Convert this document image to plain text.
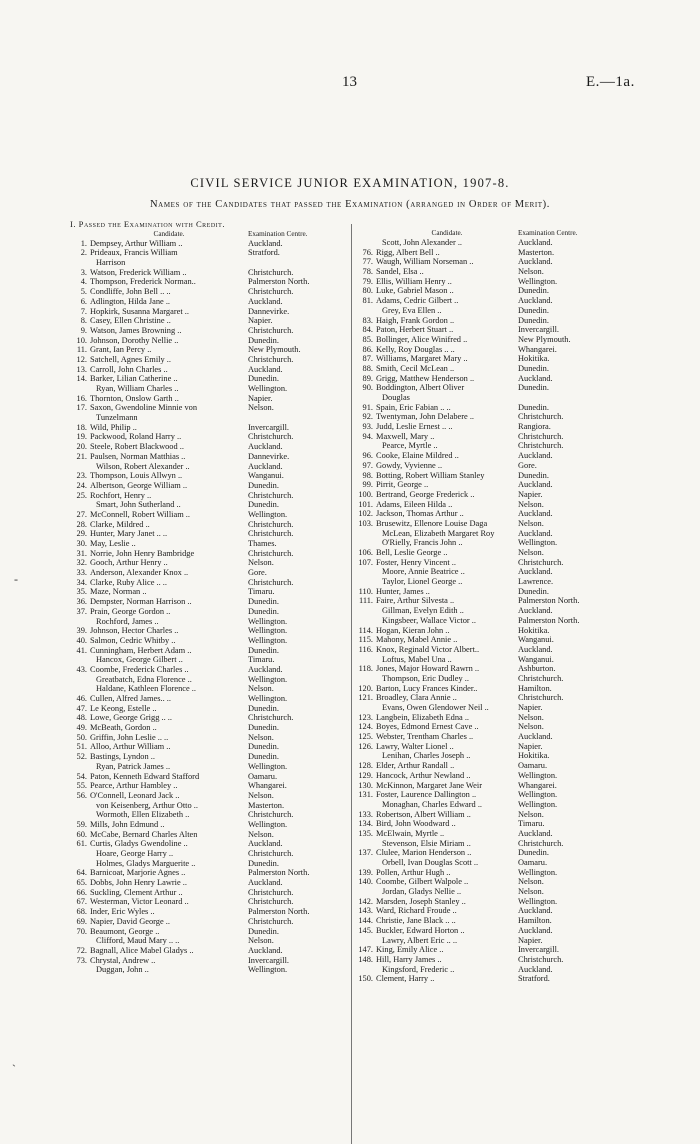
13	E.—1a.
CIVIL SERVICE JUNIOR EXAMINATION, 1907-8.
Names of the Candidates that passed the Examination (arranged in Order of Merit).
I. Passed the Examination with Credit.
Candidate.	Examination Centre.
1. Dempsey, Arthur William ..	Auckland.
2. Prideaux, Francis William	Stratford.
Harrison
3. Watson, Frederick William ..	Christchurch.
4. Thompson, Frederick Norman..	Palmerston North.
5. Condliffe, John Bell .. ..	Christchurch.
6. Adlington, Hilda Jane ..	Auckland.
7. Hopkirk, Susanna Margaret ..	Dannevirke.
8. Casey, Ellen Christine ..	Napier.
9. Watson, James Browning ..	Christchurch.
10. Johnson, Dorothy Nellie ..	Dunedin.
11. Grant, Ian Percy ..	New Plymouth.
12. Satchell, Agnes Emily ..	Christchurch.
13. Carroll, John Charles ..	Auckland.
14. Barker, Lilian Catherine ..	Dunedin.
Ryan, William Charles ..	Wellington.
16. Thornton, Onslow Garth ..	Napier.
17. Saxon, Gwendoline Minnie von	Nelson.
Tunzelmann
18. Wild, Philip ..	Invercargill.
19. Packwood, Roland Harry ..	Christchurch.
20. Steele, Robert Blackwood ..	Auckland.
21. Paulsen, Norman Matthias ..	Dannevirke.
Wilson, Robert Alexander ..	Auckland.
23. Thompson, Louis Allwyn ..	Wanganui.
24. Albertson, George William ..	Dunedin.
25. Rochfort, Henry ..	Christchurch.
Smart, John Sutherland ..	Dunedin.
27. McConnell, Robert William ..	Wellington.
28. Clarke, Mildred ..	Christchurch.
29. Hunter, Mary Janet .. ..	Christchurch.
30. May, Leslie ..	Thames.
31. Norrie, John Henry Bambridge	Christchurch.
32. Gooch, Arthur Henry ..	Nelson.
33. Anderson, Alexander Knox ..	Gore.
34. Clarke, Ruby Alice .. ..	Christchurch.
35. Maze, Norman ..	Timaru.
36. Dempster, Norman Harrison ..	Dunedin.
37. Prain, George Gordon ..	Dunedin.
Rochford, James ..	Wellington.
39. Johnson, Hector Charles ..	Wellington.
40. Salmon, Cedric Whitby ..	Wellington.
41. Cunningham, Herbert Adam ..	Dunedin.
Hancox, George Gilbert ..	Timaru.
43. Coombe, Frederick Charles ..	Auckland.
Greatbatch, Edna Florence ..	Wellington.
Haldane, Kathleen Florence ..	Nelson.
46. Cullen, Alfred James.. ..	Wellington.
47. Le Keong, Estelle ..	Dunedin.
48. Lowe, George Grigg .. ..	Christchurch.
49. McBeath, Gordon ..	Dunedin.
50. Griffin, John Leslie .. ..	Nelson.
51. Alloo, Arthur William ..	Dunedin.
52. Bastings, Lyndon ..	Dunedin.
Ryan, Patrick James ..	Wellington.
54. Paton, Kenneth Edward Stafford	Oamaru.
55. Pearce, Arthur Hambley ..	Whangarei.
56. O'Connell, Leonard Jack ..	Nelson.
von Keisenberg, Arthur Otto ..	Masterton.
Wormoth, Ellen Elizabeth ..	Christchurch.
59. Mills, John Edmund ..	Wellington.
60. McCabe, Bernard Charles Alten	Nelson.
61. Curtis, Gladys Gwendoline ..	Auckland.
Hoare, George Harry ..	Christchurch.
Holmes, Gladys Marguerite ..	Dunedin.
64. Barnicoat, Marjorie Agnes ..	Palmerston North.
65. Dobbs, John Henry Lawrie ..	Auckland.
66. Suckling, Clement Arthur ..	Christchurch.
67. Westerman, Victor Leonard ..	Christchurch.
68. Inder, Eric Wyles ..	Palmerston North.
69. Napier, David George ..	Christchurch.
70. Beaumont, George ..	Dunedin.
Clifford, Maud Mary .. ..	Nelson.
72. Bagnall, Alice Mabel Gladys ..	Auckland.
73. Chrystal, Andrew ..	Invercargill.
Duggan, John ..	Wellington.
Candidate.	Examination Centre.
Scott, John Alexander ..	Auckland.
76. Rigg, Albert Bell ..	Masterton.
77. Waugh, William Norseman ..	Auckland.
78. Sandel, Elsa ..	Nelson.
79. Ellis, William Henry ..	Wellington.
80. Luke, Gabriel Mason ..	Dunedin.
81. Adams, Cedric Gilbert ..	Auckland.
Grey, Eva Ellen ..	Dunedin.
83. Haigh, Frank Gordon ..	Dunedin.
84. Paton, Herbert Stuart ..	Invercargill.
85. Bollinger, Alice Winifred ..	New Plymouth.
86. Kelly, Roy Douglas .. ..	Whangarei.
87. Williams, Margaret Mary ..	Hokitika.
88. Smith, Cecil McLean ..	Dunedin.
89. Grigg, Matthew Henderson ..	Auckland.
90. Boddington, Albert Oliver	Dunedin.
Douglas
91. Spain, Eric Fabian .. ..	Dunedin.
92. Twentyman, John Delabere ..	Christchurch.
93. Judd, Leslie Ernest .. ..	Rangiora.
94. Maxwell, Mary ..	Christchurch.
Pearce, Myrtle ..	Christchurch.
96. Cooke, Elaine Mildred ..	Auckland.
97. Gowdy, Vyvienne ..	Gore.
98. Botting, Robert William Stanley	Dunedin.
99. Pirrit, George ..	Auckland.
100. Bertrand, George Frederick ..	Napier.
101. Adams, Eileen Hilda ..	Nelson.
102. Jackson, Thomas Arthur ..	Auckland.
103. Brusewitz, Ellenore Louise Daga	Nelson.
McLean, Elizabeth Margaret Roy	Auckland.
O'Rielly, Francis John ..	Wellington.
106. Bell, Leslie George ..	Nelson.
107. Foster, Henry Vincent ..	Christchurch.
Moore, Annie Beatrice ..	Auckland.
Taylor, Lionel George ..	Lawrence.
110. Hunter, James ..	Dunedin.
111. Faire, Arthur Silvesta ..	Palmerston North.
Gillman, Evelyn Edith ..	Auckland.
Kingsbeer, Wallace Victor ..	Palmerston North.
114. Hogan, Kieran John ..	Hokitika.
115. Mahony, Mabel Annie ..	Wanganui.
116. Knox, Reginald Victor Albert..	Auckland.
Loftus, Mabel Una ..	Wanganui.
118. Jones, Major Howard Rawrn ..	Ashburton.
Thompson, Eric Dudley ..	Christchurch.
120. Barton, Lucy Frances Kinder..	Hamilton.
121. Broadley, Clara Annie ..	Christchurch.
Evans, Owen Glendower Neil ..	Napier.
123. Langbein, Elizabeth Edna ..	Nelson.
124. Boyes, Edmond Ernest Cave ..	Nelson.
125. Webster, Trentham Charles ..	Auckland.
126. Lawry, Walter Lionel ..	Napier.
Lenihan, Charles Joseph ..	Hokitika.
128. Elder, Arthur Randall ..	Oamaru.
129. Hancock, Arthur Newland ..	Wellington.
130. McKinnon, Margaret Jane Weir	Whangarei.
131. Foster, Laurence Dallington ..	Wellington.
Monaghan, Charles Edward ..	Wellington.
133. Robertson, Albert William ..	Nelson.
134. Bird, John Woodward ..	Timaru.
135. McElwain, Myrtle ..	Auckland.
Stevenson, Elsie Miriam ..	Christchurch.
137. Clulee, Marion Henderson ..	Dunedin.
Orbell, Ivan Douglas Scott ..	Oamaru.
139. Pollen, Arthur Hugh ..	Wellington.
140. Coombe, Gilbert Walpole ..	Nelson.
Jordan, Gladys Nellie ..	Nelson.
142. Marsden, Joseph Stanley ..	Wellington.
143. Ward, Richard Froude ..	Auckland.
144. Christie, Jane Black .. ..	Hamilton.
145. Buckler, Edward Horton ..	Auckland.
Lawry, Albert Eric .. ..	Napier.
147. King, Emily Alice ..	Invercargill.
148. Hill, Harry James ..	Christchurch.
Kingsford, Frederic ..	Auckland.
150. Clement, Harry ..	Stratford.
-
`
